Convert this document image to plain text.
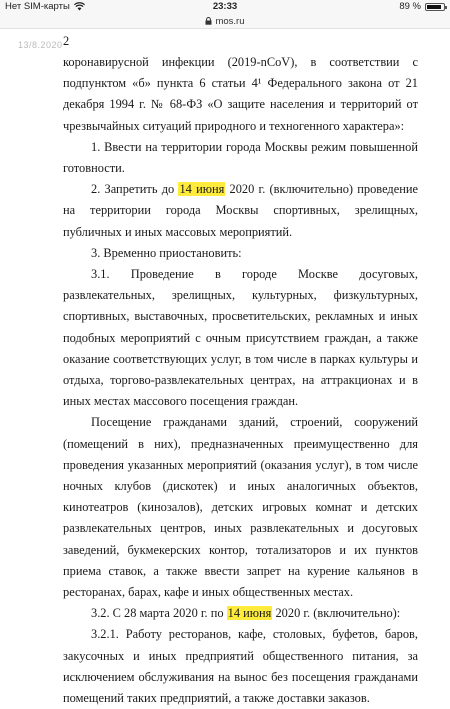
Нет SIM-карты	23:33	89 %
mos.ru
13/8.2020 2

коронавирусной инфекции (2019-nCoV), в соответствии с подпунктом «б» пункта 6 статьи 4¹ Федерального закона от 21 декабря 1994 г. № 68-ФЗ «О защите населения и территорий от чрезвычайных ситуаций природного и техногенного характера»:

1. Ввести на территории города Москвы режим повышенной готовности.

2. Запретить до 14 июня 2020 г. (включительно) проведение на территории города Москвы спортивных, зрелищных, публичных и иных массовых мероприятий.

3. Временно приостановить:

3.1. Проведение в городе Москве досуговых, развлекательных, зрелищных, культурных, физкультурных, спортивных, выставочных, просветительских, рекламных и иных подобных мероприятий с очным присутствием граждан, а также оказание соответствующих услуг, в том числе в парках культуры и отдыха, торгово-развлекательных центрах, на аттракционах и в иных местах массового посещения граждан.

Посещение гражданами зданий, строений, сооружений (помещений в них), предназначенных преимущественно для проведения указанных мероприятий (оказания услуг), в том числе ночных клубов (дискотек) и иных аналогичных объектов, кинотеатров (кинозалов), детских игровых комнат и детских развлекательных центров, иных развлекательных и досуговых заведений, букмекерских контор, тотализаторов и их пунктов приема ставок, а также ввести запрет на курение кальянов в ресторанах, барах, кафе и иных общественных местах.

3.2. С 28 марта 2020 г. по 14 июня 2020 г. (включительно):

3.2.1. Работу ресторанов, кафе, столовых, буфетов, баров, закусочных и иных предприятий общественного питания, за исключением обслуживания на вынос без посещения гражданами помещений таких предприятий, а также доставки заказов.
